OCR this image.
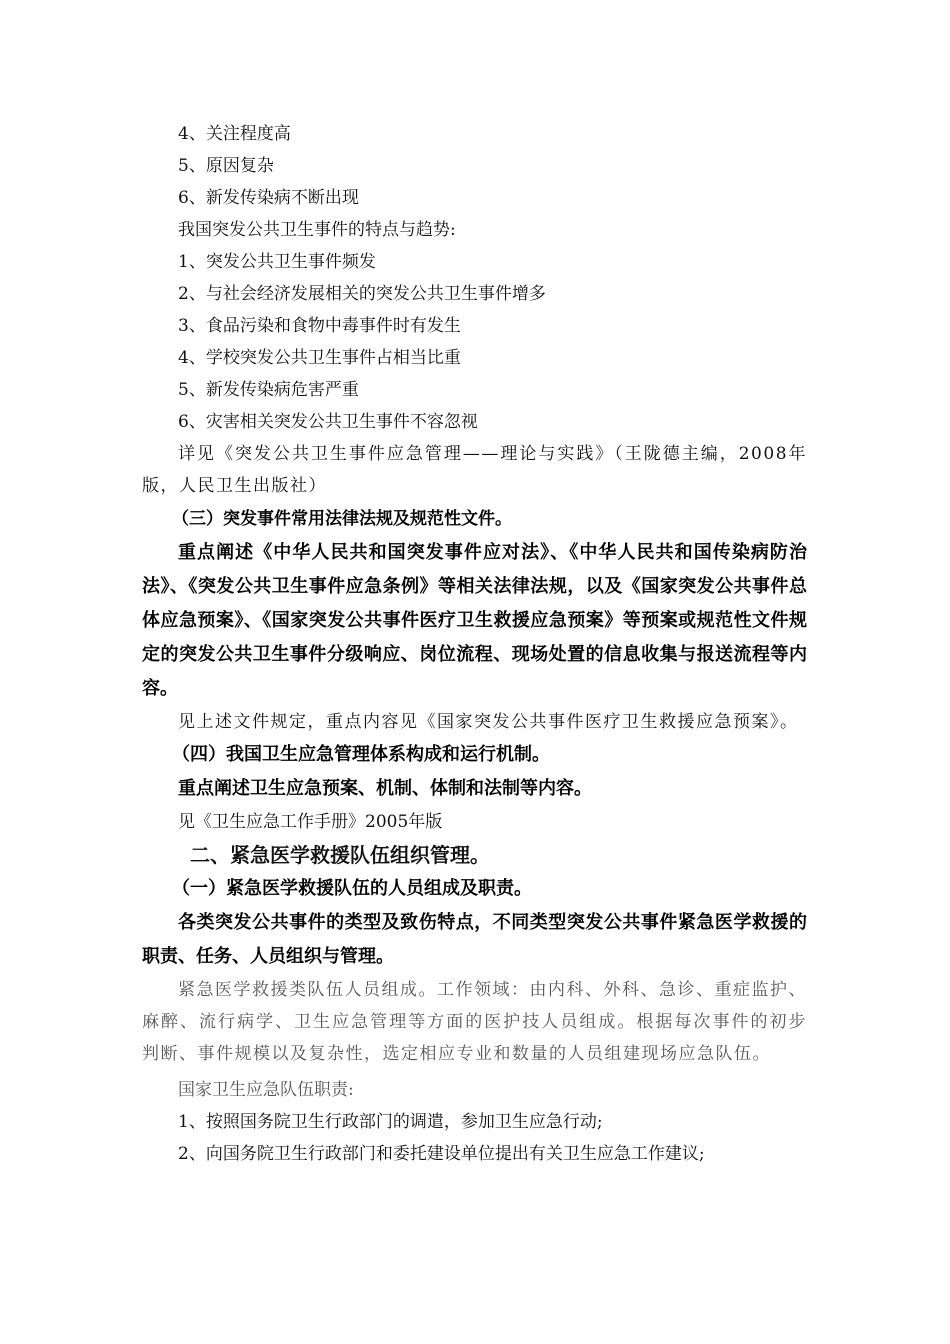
4、关注程度高
5、原因复杂
6、新发传染病不断出现
我国突发公共卫生事件的特点与趋势:
1、突发公共卫生事件频发
2、与社会经济发展相关的突发公共卫生事件增多
3、食品污染和食物中毒事件时有发生
4、学校突发公共卫生事件占相当比重
5、新发传染病危害严重
6、灾害相关突发公共卫生事件不容忽视
详见《突发公共卫生事件应急管理——理论与实践》（王陇德主编，2008年版，人民卫生出版社）
（三）突发事件常用法律法规及规范性文件。
重点阐述《中华人民共和国突发事件应对法》、《中华人民共和国传染病防治法》、《突发公共卫生事件应急条例》等相关法律法规，以及《国家突发公共事件总体应急预案》、《国家突发公共事件医疗卫生救援应急预案》等预案或规范性文件规定的突发公共卫生事件分级响应、岗位流程、现场处置的信息收集与报送流程等内容。
见上述文件规定，重点内容见《国家突发公共事件医疗卫生救援应急预案》。
（四）我国卫生应急管理体系构成和运行机制。
重点阐述卫生应急预案、机制、体制和法制等内容。
见《卫生应急工作手册》2005年版
二、紧急医学救援队伍组织管理。
（一）紧急医学救援队伍的人员组成及职责。
各类突发公共事件的类型及致伤特点，不同类型突发公共事件紧急医学救援的职责、任务、人员组织与管理。
紧急医学救援类队伍人员组成。工作领域：由内科、外科、急诊、重症监护、麻醉、流行病学、卫生应急管理等方面的医护技人员组成。根据每次事件的初步判断、事件规模以及复杂性，选定相应专业和数量的人员组建现场应急队伍。
国家卫生应急队伍职责:
1、按照国务院卫生行政部门的调遣，参加卫生应急行动;
2、向国务院卫生行政部门和委托建设单位提出有关卫生应急工作建议;
